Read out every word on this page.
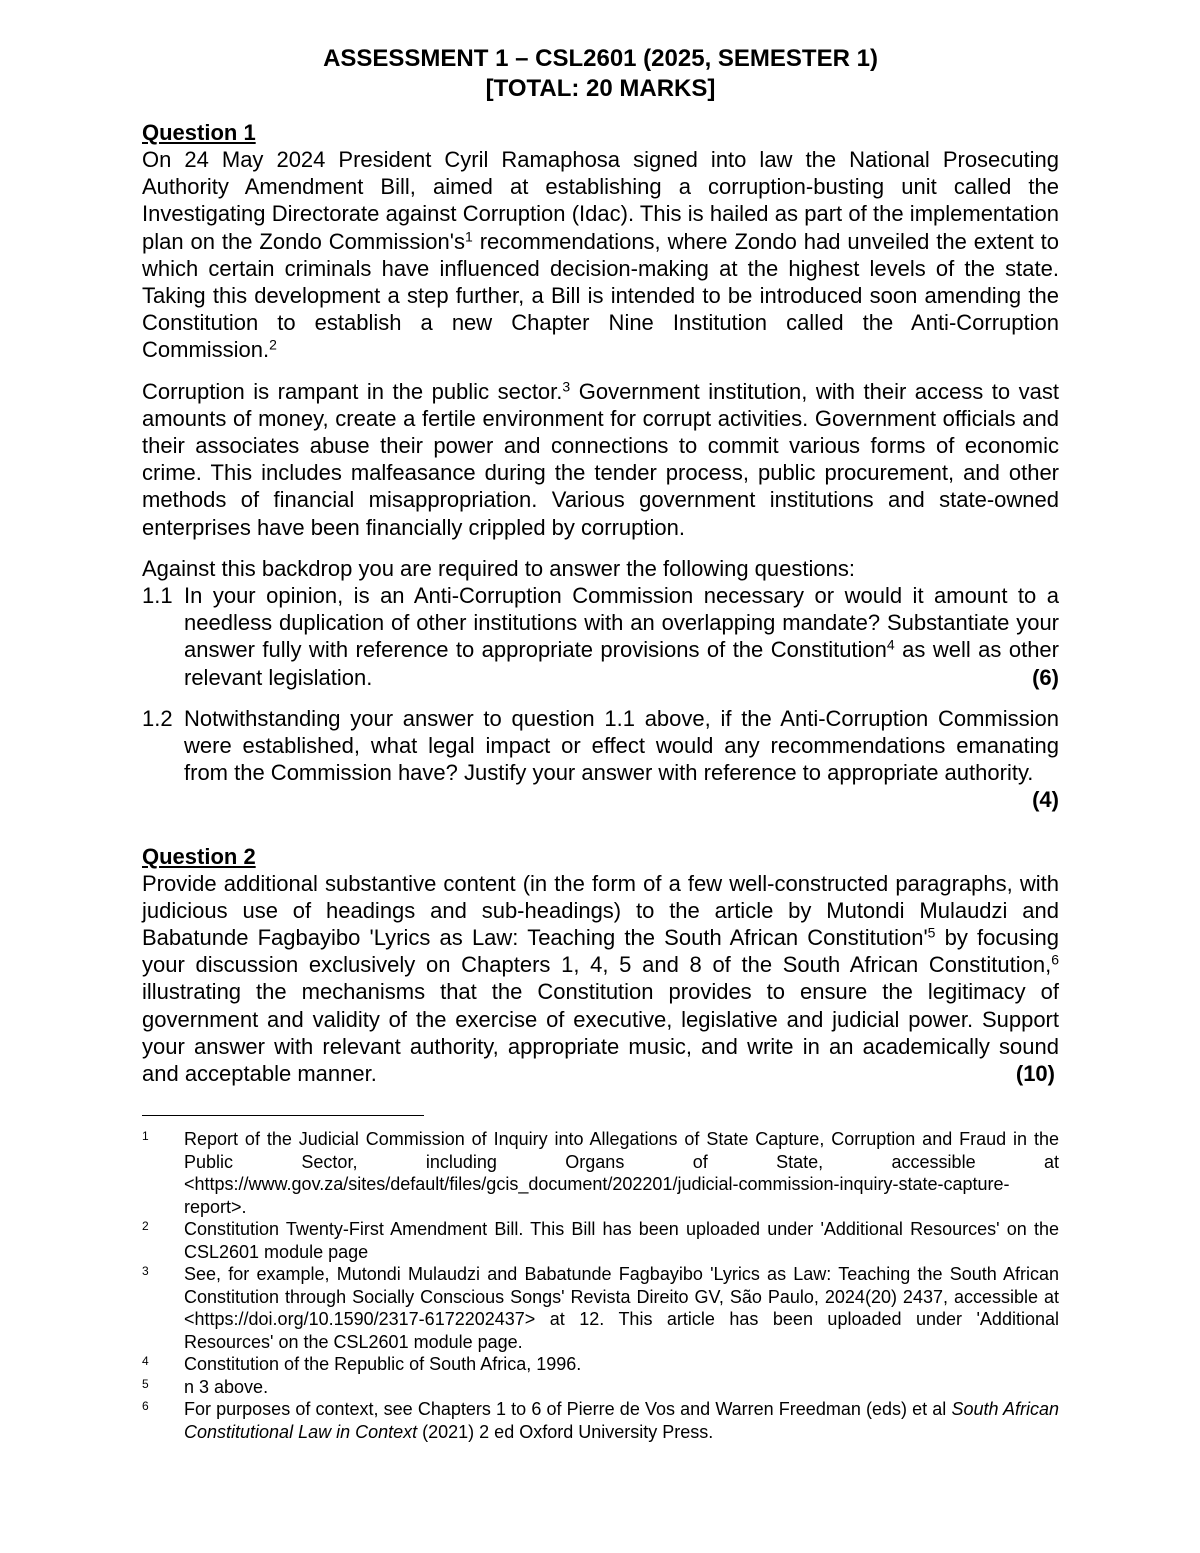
ASSESSMENT 1 – CSL2601 (2025, SEMESTER 1)

[TOTAL: 20 MARKS]

Question 1

On 24 May 2024 President Cyril Ramaphosa signed into law the National Prosecuting Authority Amendment Bill, aimed at establishing a corruption-busting unit called the Investigating Directorate against Corruption (Idac). This is hailed as part of the implementation plan on the Zondo $Commission's^1$ recommendations, where Zondo had unveiled the extent to which certain criminals have influenced decision-making at the highest levels of the state. Taking this development a step further, a Bill is intended to be introduced soon amending the Constitution to establish a new Chapter Nine Institution called the Anti-Corruption Commission.$^2$

Corruption is rampant in the public sector.$^3$ Government institution, with their access to vast amounts of money, create a fertile environment for corrupt activities. Government officials and their associates abuse their power and connections to commit various forms of economic crime. This includes malfeasance during the tender process, public procurement, and other methods of financial misappropriation. Various government institutions and state-owned enterprises have been financially crippled by corruption.

Against this backdrop you are required to answer the following questions:

1.1 In your opinion, is an Anti-Corruption Commission necessary or would it amount to a needless duplication of other institutions with an overlapping mandate? Substantiate your answer fully with reference to appropriate provisions of the Constitution$^4$ as well as other relevant legislation.	(6)
1.2 Notwithstanding your answer to question 1.1 above, if the Anti-Corruption Commission were established, what legal impact or effect would any recommendations emanating from the Commission have? Justify your answer with reference to appropriate authority.
(4)

Question 2

Provide additional substantive content (in the form of a few well-constructed paragraphs, with judicious use of headings and sub-headings) to the article by Mutondi Mulaudzi and Babatunde Fagbayibo 'Lyrics as Law: Teaching the South African $Constitution'^5$ by focusing your discussion exclusively on Chapters 1, 4, 5 and 8 of the South African Constitution,$^6$ illustrating the mechanisms that the Constitution provides to ensure the legitimacy of government and validity of the exercise of executive, legislative and judicial power. Support your answer with relevant authority, appropriate music, and write in an academically sound and acceptable manner.	(10)

1	Report of the Judicial Commission of Inquiry into Allegations of State Capture, Corruption and Fraud in the Public Sector, including Organs of State, accessible at <https://www.gov.za/sites/default/files/gcis_document/202201/judicial-commission-inquiry-state-capture-report>.
2	Constitution Twenty-First Amendment Bill. This Bill has been uploaded under 'Additional Resources' on the CSL2601 module page
3	See, for example, Mutondi Mulaudzi and Babatunde Fagbayibo 'Lyrics as Law: Teaching the South African Constitution through Socially Conscious Songs' Revista Direito GV, São Paulo, 2024(20) 2437, accessible at <https://doi.org/10.1590/2317-6172202437> at 12. This article has been uploaded under 'Additional Resources' on the CSL2601 module page.
4	Constitution of the Republic of South Africa, 1996.
5	n 3 above.
6	For purposes of context, see Chapters 1 to 6 of Pierre de Vos and Warren Freedman (eds) et al South African Constitutional Law in Context (2021) 2 ed Oxford University Press.
